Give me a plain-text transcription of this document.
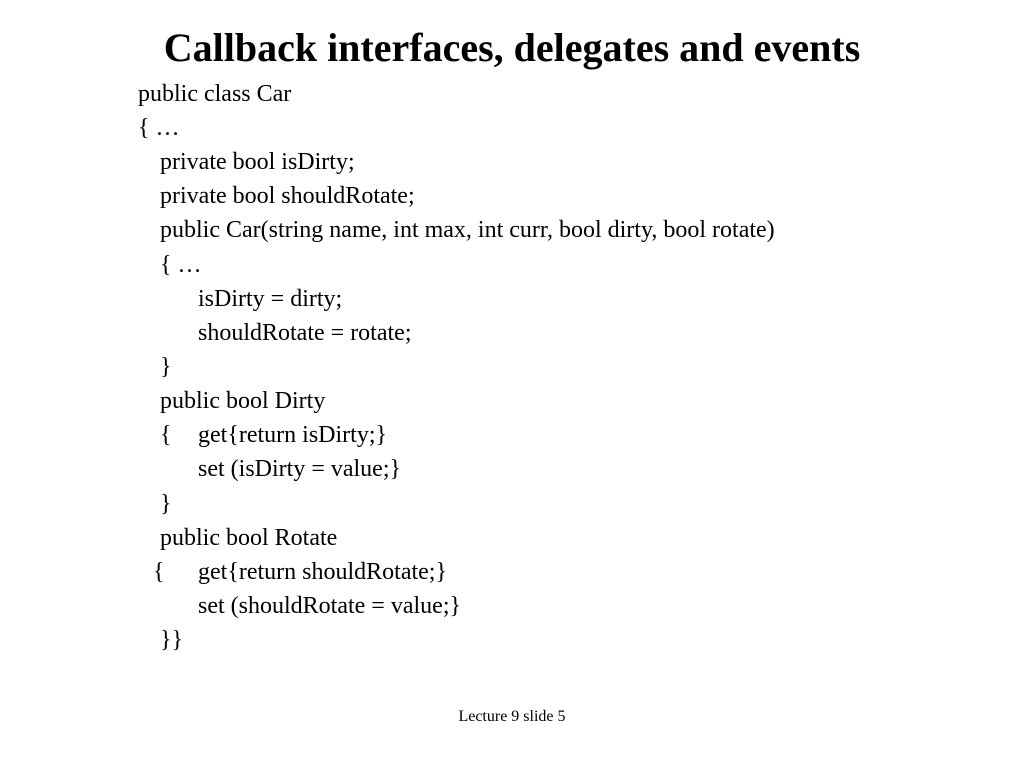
Callback interfaces, delegates and events
public class Car
{ …
private bool isDirty;
private bool shouldRotate;
public Car(string name, int max, int curr, bool dirty, bool rotate)
{ …
isDirty = dirty;
shouldRotate = rotate;
}
public bool Dirty
{ get{return isDirty;}
set (isDirty = value;}
}
public bool Rotate
{ get{return shouldRotate;}
set (shouldRotate = value;}
}}
Lecture 9 slide 5
